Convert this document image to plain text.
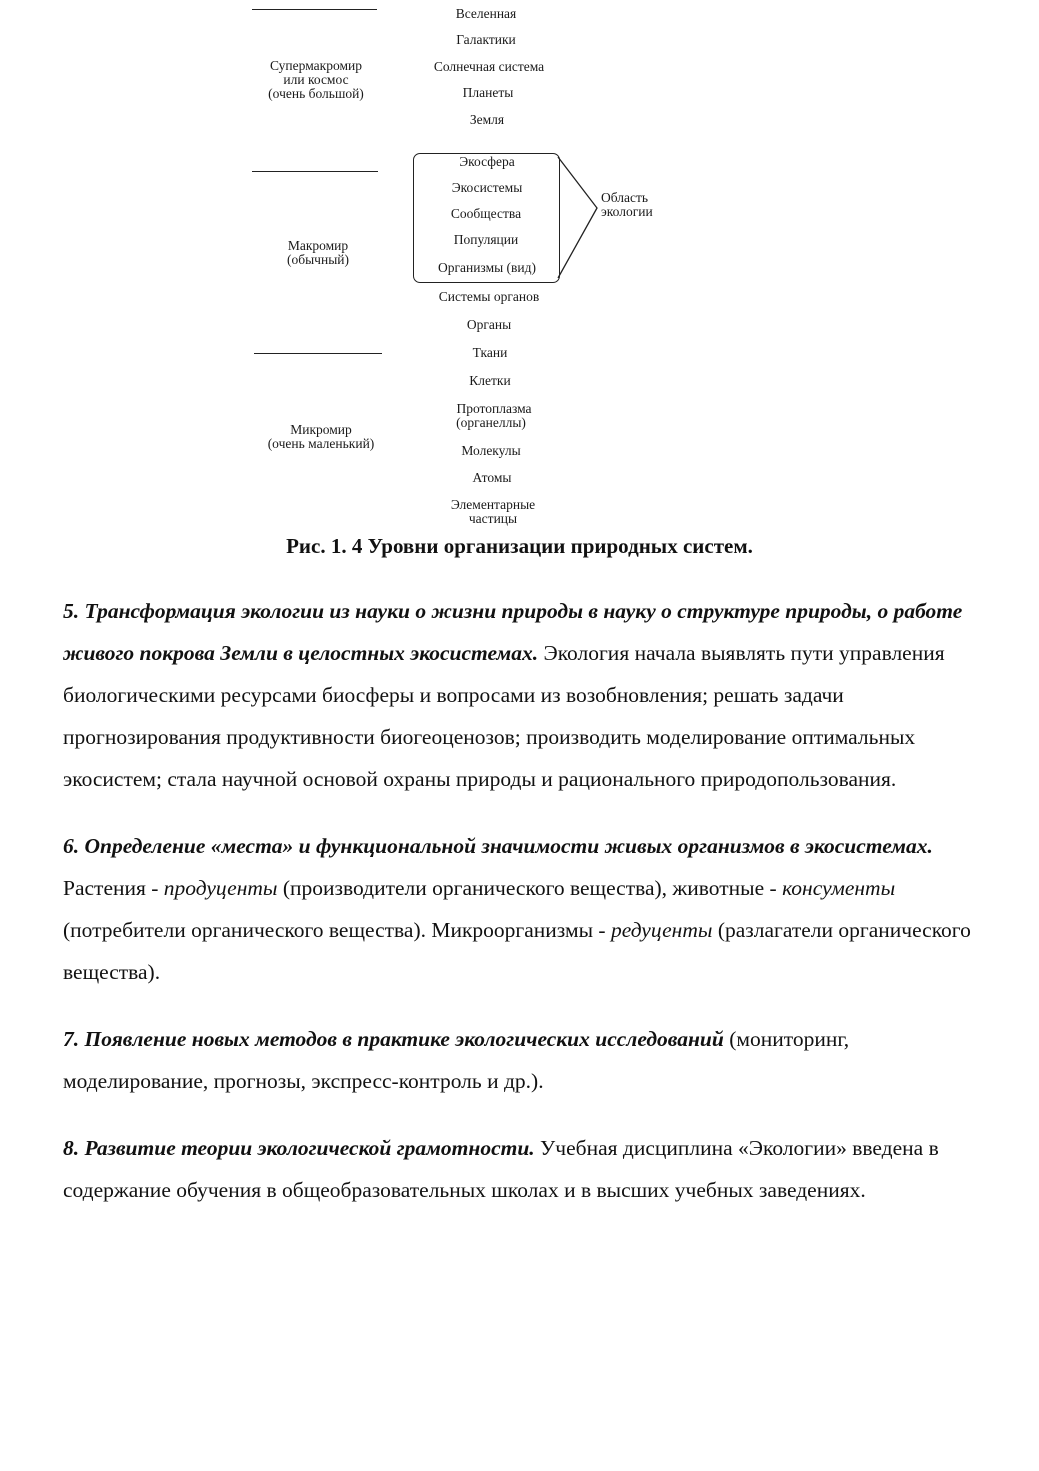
Супермакромир
или космос
(очень большой)
Макромир
(обычный)
Микромир
(очень маленький)
Область
экологии
Вселенная
Галактики
Солнечная система
Планеты
Земля
Экосфера
Экосистемы
Сообщества
Популяции
Организмы (вид)
Системы органов
Органы
Ткани
Клетки
Протоплазма
(органеллы)
Молекулы
Атомы
Элементарные
частицы
Рис. 1. 4 Уровни организации природных систем.

5. Трансформация экологии из науки о жизни природы в науку о структуре природы, о работе живого покрова Земли в целостных экосистемах. Экология начала выявлять пути управления биологическими ресурсами биосферы и вопросами из возобновления; решать задачи прогнозирования продуктивности биогеоценозов; производить моделирование оптимальных экосистем; стала научной основой охраны природы и рационального природопользования.

6. Определение «места» и функциональной значимости живых организмов в экосистемах. Растения - продуценты (производители органического вещества), животные - консументы (потребители органического вещества). Микроорганизмы - редуценты (разлагатели органического вещества).

7. Появление новых методов в практике экологических исследований (мониторинг, моделирование, прогнозы, экспресс-контроль и др.).

8. Развитие теории экологической грамотности. Учебная дисциплина «Экологии» введена в содержание обучения в общеобразовательных школах и в высших учебных заведениях.
